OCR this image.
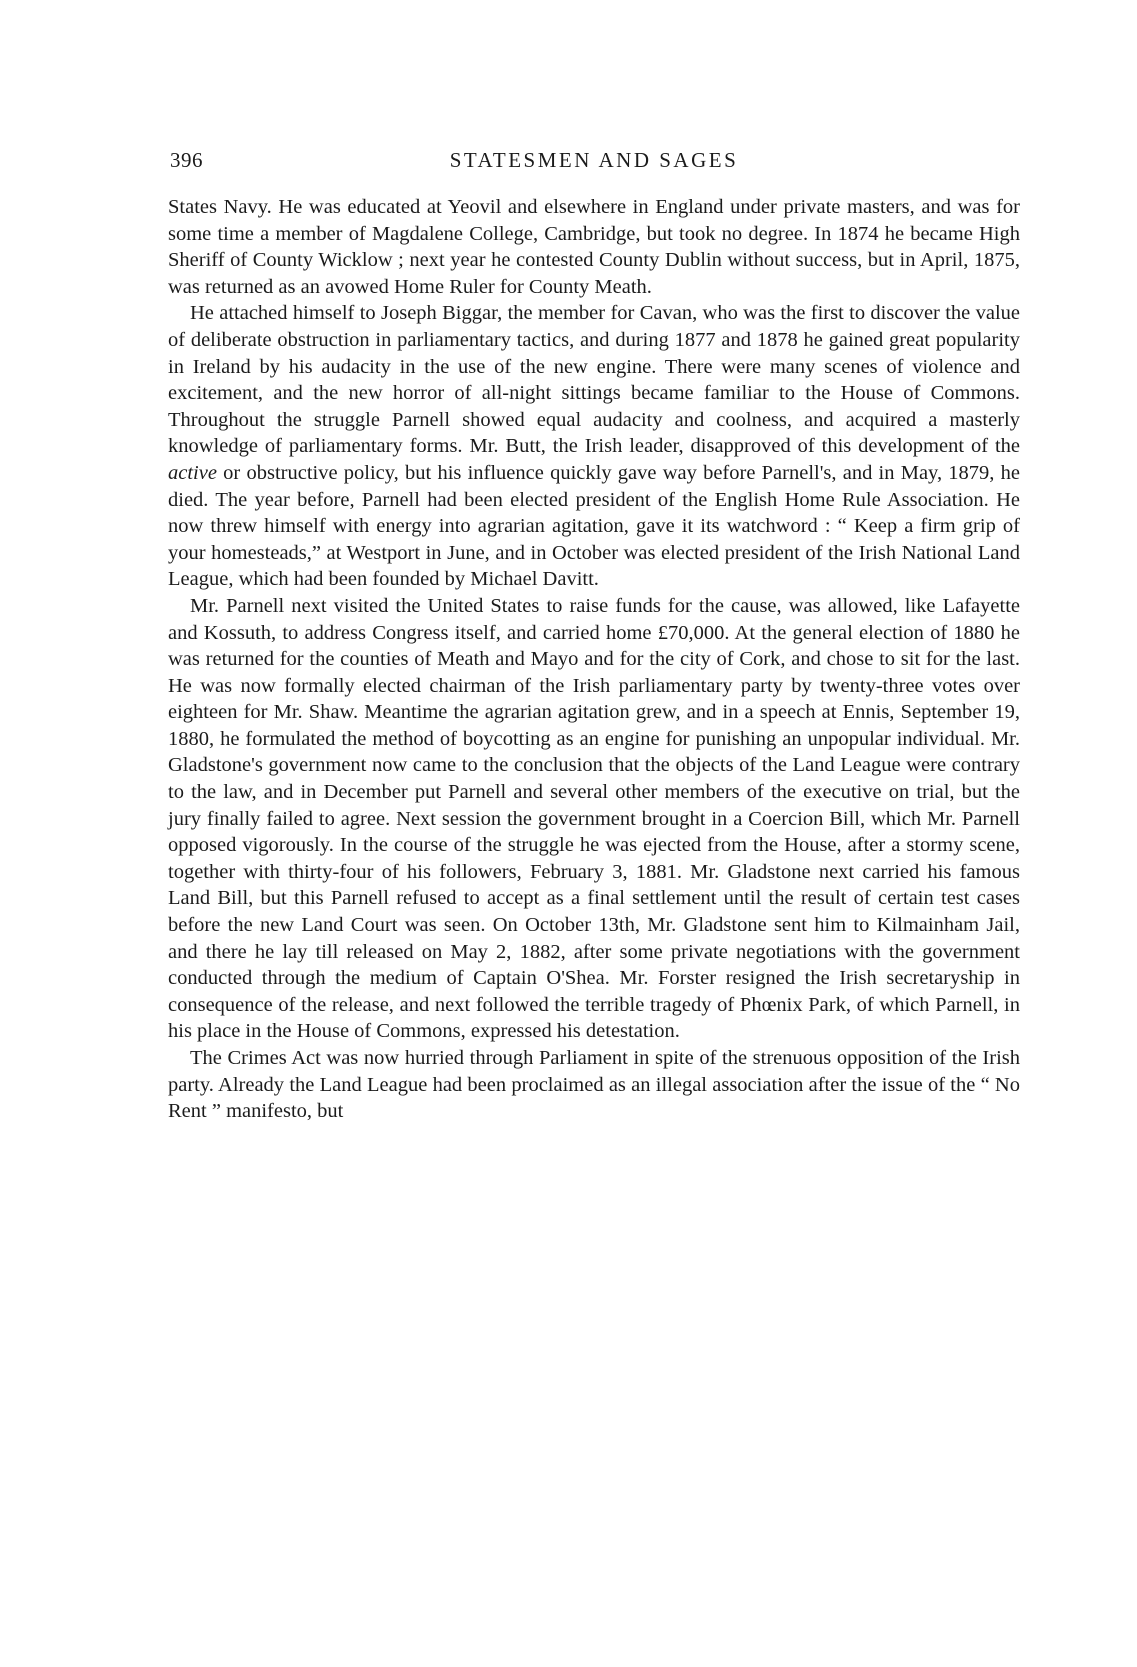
396	STATESMEN AND SAGES

States Navy. He was educated at Yeovil and elsewhere in England under private masters, and was for some time a member of Magdalene College, Cambridge, but took no degree. In 1874 he became High Sheriff of County Wicklow ; next year he contested County Dublin without success, but in April, 1875, was returned as an avowed Home Ruler for County Meath.

He attached himself to Joseph Biggar, the member for Cavan, who was the first to discover the value of deliberate obstruction in parliamentary tactics, and during 1877 and 1878 he gained great popularity in Ireland by his audacity in the use of the new engine. There were many scenes of violence and excitement, and the new horror of all-night sittings became familiar to the House of Commons. Throughout the struggle Parnell showed equal audacity and coolness, and acquired a masterly knowledge of parliamentary forms. Mr. Butt, the Irish leader, disapproved of this development of the active or obstructive policy, but his influence quickly gave way before Parnell's, and in May, 1879, he died. The year before, Parnell had been elected president of the English Home Rule Association. He now threw himself with energy into agrarian agitation, gave it its watchword : “ Keep a firm grip of your homesteads,” at Westport in June, and in October was elected president of the Irish National Land League, which had been founded by Michael Davitt.

Mr. Parnell next visited the United States to raise funds for the cause, was allowed, like Lafayette and Kossuth, to address Congress itself, and carried home £70,000. At the general election of 1880 he was returned for the counties of Meath and Mayo and for the city of Cork, and chose to sit for the last. He was now formally elected chairman of the Irish parliamentary party by twenty-three votes over eighteen for Mr. Shaw. Meantime the agrarian agitation grew, and in a speech at Ennis, September 19, 1880, he formulated the method of boycotting as an engine for punishing an unpopular individual. Mr. Gladstone's government now came to the conclusion that the objects of the Land League were contrary to the law, and in December put Parnell and several other members of the executive on trial, but the jury finally failed to agree. Next session the government brought in a Coercion Bill, which Mr. Parnell opposed vigorously. In the course of the struggle he was ejected from the House, after a stormy scene, together with thirty-four of his followers, February 3, 1881. Mr. Gladstone next carried his famous Land Bill, but this Parnell refused to accept as a final settlement until the result of certain test cases before the new Land Court was seen. On October 13th, Mr. Gladstone sent him to Kilmainham Jail, and there he lay till released on May 2, 1882, after some private negotiations with the government conducted through the medium of Captain O'Shea. Mr. Forster resigned the Irish secretaryship in consequence of the release, and next followed the terrible tragedy of Phœnix Park, of which Parnell, in his place in the House of Commons, expressed his detestation.

The Crimes Act was now hurried through Parliament in spite of the strenuous opposition of the Irish party. Already the Land League had been proclaimed as an illegal association after the issue of the “ No Rent ” manifesto, but
